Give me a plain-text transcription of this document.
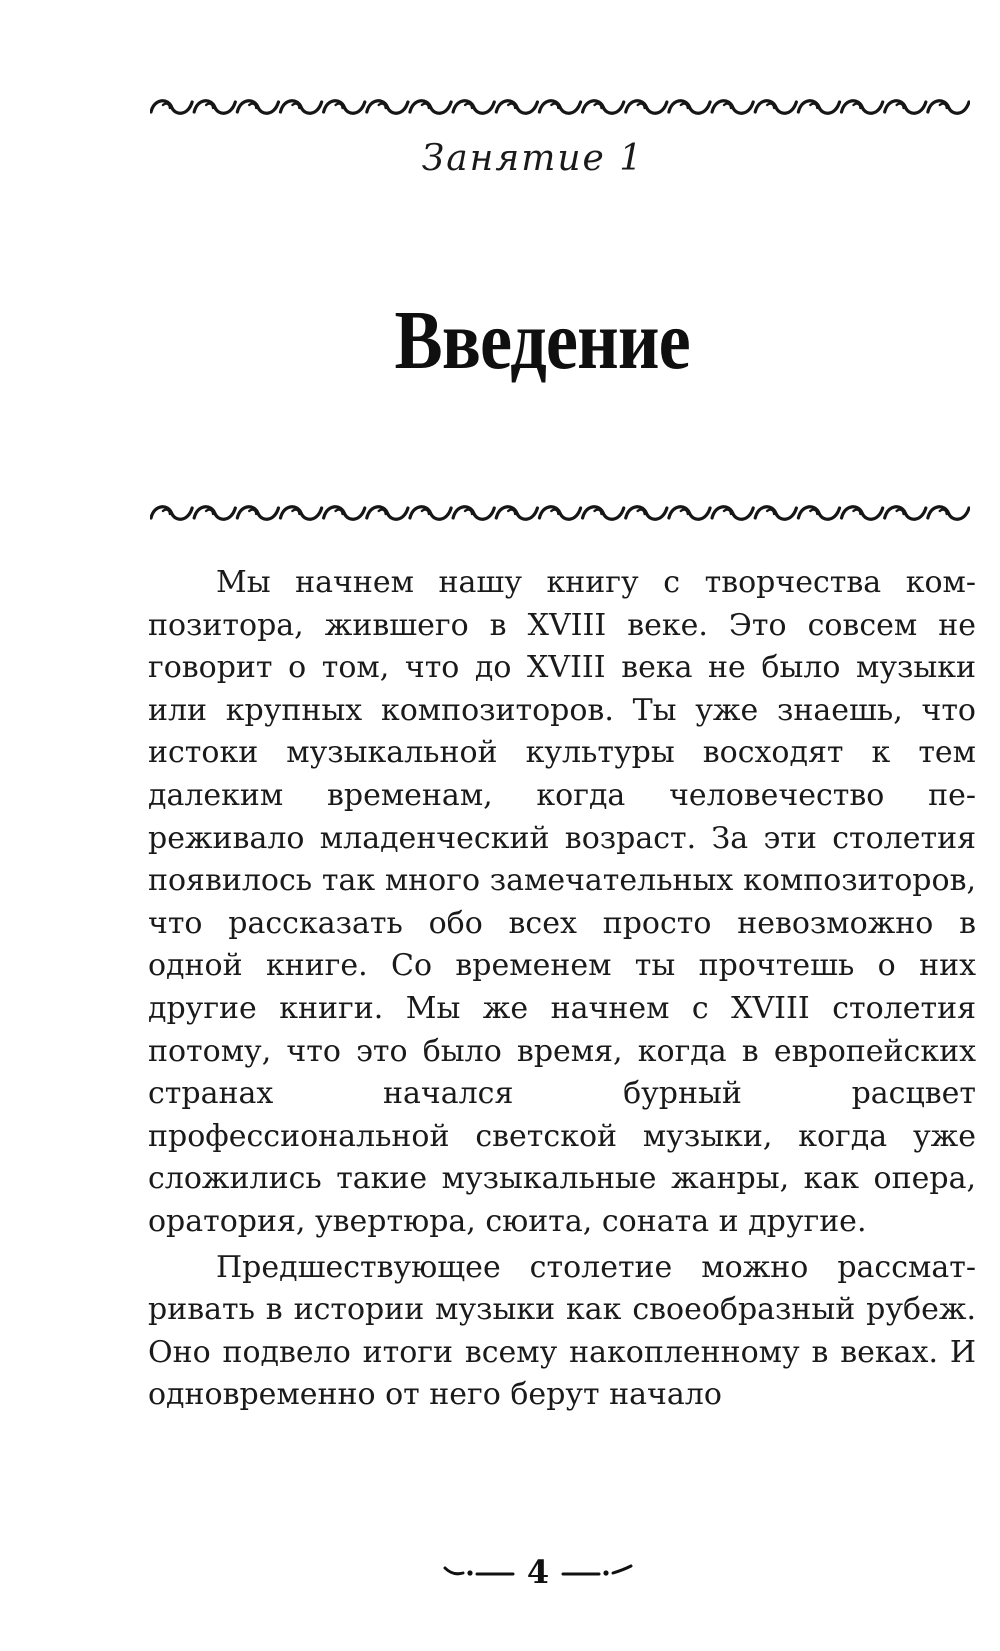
Занятие 1
Введение

Мы начнем нашу книгу с творчества композитора, жившего в XVIII веке. Это совсем не говорит о том, что до XVIII века не было музыки или крупных композиторов. Ты уже знаешь, что истоки музыкальной культуры восходят к тем далеким временам, когда человечество переживало младенческий возраст. За эти столетия появилось так много замечательных композиторов, что рассказать обо всех просто невозможно в одной книге. Со временем ты прочтешь о них другие книги. Мы же начнем с XVIII столетия потому, что это было время, когда в европейских странах начался бурный расцвет профессиональной светской музыки, когда уже сложились такие музыкальные жанры, как опера, оратория, увертюра, сюита, соната и другие.

Предшествующее столетие можно рассматривать в истории музыки как своеобразный рубеж. Оно подвело итоги всему накопленному в веках. И одновременно от него берут начало

4
